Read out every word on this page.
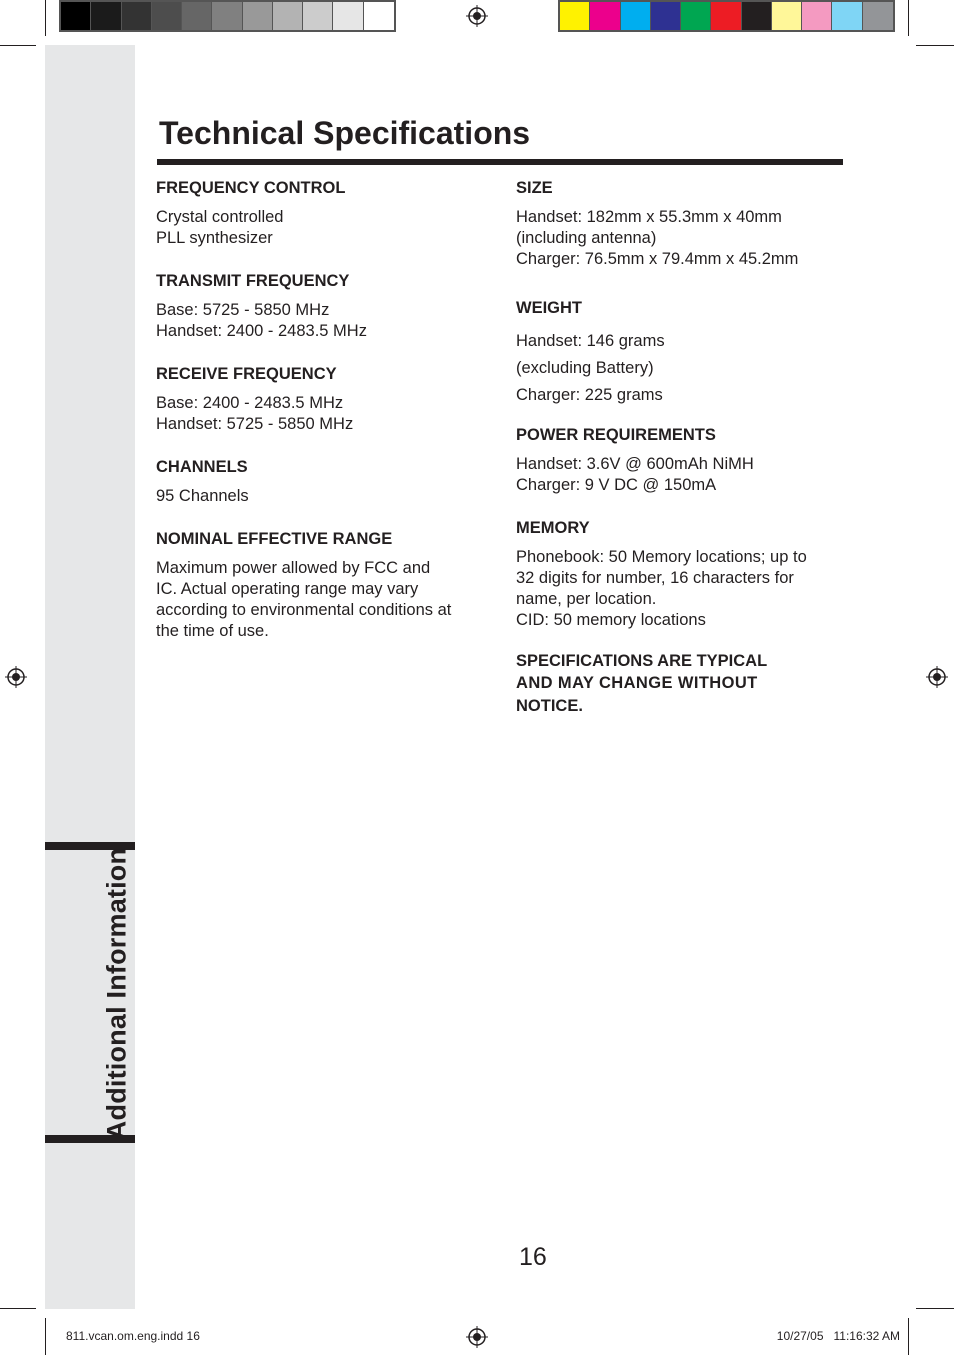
Additional Information
Technical Specifications
FREQUENCY CONTROL

Crystal controlled

PLL synthesizer

TRANSMIT FREQUENCY

Base: 5725 - 5850 MHz

Handset: 2400 - 2483.5 MHz

RECEIVE FREQUENCY

Base: 2400 - 2483.5 MHz

Handset: 5725 - 5850 MHz

CHANNELS

95 Channels

NOMINAL EFFECTIVE RANGE

Maximum power allowed by FCC and

IC. Actual operating range may vary

according to environmental conditions at

the time of use.

SIZE

Handset: 182mm x 55.3mm x 40mm

(including antenna)

Charger: 76.5mm x 79.4mm x 45.2mm

WEIGHT

Handset: 146 grams

(excluding Battery)

Charger: 225 grams

POWER REQUIREMENTS

Handset: 3.6V @ 600mAh NiMH

Charger: 9 V DC @ 150mA

MEMORY

Phonebook: 50 Memory locations; up to

32 digits for number, 16 characters for

name, per location.

CID: 50 memory locations

SPECIFICATIONS ARE TYPICAL
AND MAY CHANGE WITHOUT
NOTICE.
16
811.vcan.om.eng.indd 16	10/27/05   11:16:32 AM
